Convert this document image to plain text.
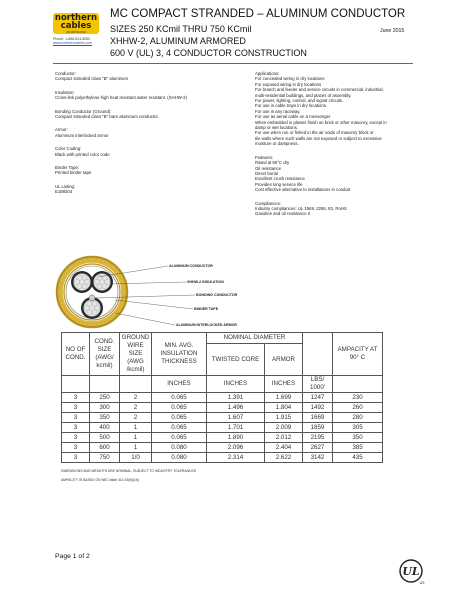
northern
cables
INCORPORATED
Phone: 1-866-524-5050
www.northerncables.com
MC COMPACT STRANDED – ALUMINUM CONDUCTOR
SIZES 250 KCmil THRU 750 KCmil
XHHW-2, ALUMINUM ARMORED
600 V (UL) 3, 4 CONDUCTOR CONSTRUCTION
June 2015
Conductor:
Compact stranded class "B" aluminum
Insulation:
Cross-link polyethylene high heat resistant water resistant. (XHHW-2)
Bonding Conductor (Ground):
Compact stranded class "B" bare aluminum conductor.
Armor:
Aluminum interlocked armor
Color Coding:
Black with printed color code
Binder Tape:
Printed binder tape
UL Listing:
E189204
Applications:
For concealed wiring in dry locations
For exposed wiring in dry locations
For branch and feeder and service circuits in commercial, industrial,
multi-residential buildings, and places of assembly.
For power, lighting, control, and signal circuits.
For use in cable trays in dry locations.
For use in any raceway.
For use as aerial cable on a messenger
When embedded in plaster finish on brick or other masonry, except in
damp or wet locations.
For use when run or fished in the air voids of masonry block or
tile walls where such walls are not exposed or subject to excessive
moisture or dampness.
Features:
Rated at 90°C dry
Oil resistance
Direct burial
Excellent crush resistance
Provides long service life
Cost effective alternative to installations in conduit
Compliances:
Industry compliances: UL 1569, 2256, 83, RoHS
Gasoline and oil resistance II
ALUMINUM CONDUCTOR
XHHW-2 INSULATION
BONDING CONDUCTOR
BINDER TAPE
ALUMINUM INTERLOCKED ARMOR
NO OF COND.	COND. SIZE (AWG/ kcmil)	GROUND WIRE SIZE (AWG /kcmil)	MIN. AVG. INSULATION THICKNESS	NOMINAL DIAMETER			AMPACITY AT 90° C
				TWISTED CORE	ARMOR		

			INCHES	INCHES	INCHES	LBS/ 1000'	
3	250	2	0.065	1.391	1.699	1247	230
3	300	2	0.065	1.496	1.804	1492	260
3	350	2	0.065	1.607	1.915	1669	280
3	400	1	0.065	1.701	2.009	1859	305
3	500	1	0.065	1.890	2.012	2195	350
3	600	1	0.080	2.096	2.404	2627	385
3	750	1/0	0.080	2.314	2.622	3142	435
DIMENSIONS AND WEIGHTS ARE NOMINAL; SUBJECT TO INDUSTRY TOLERANCES
AMPACITY IS BASED ON NEC table 310.15(B)(16)
Page 1 of 2
UL
US
